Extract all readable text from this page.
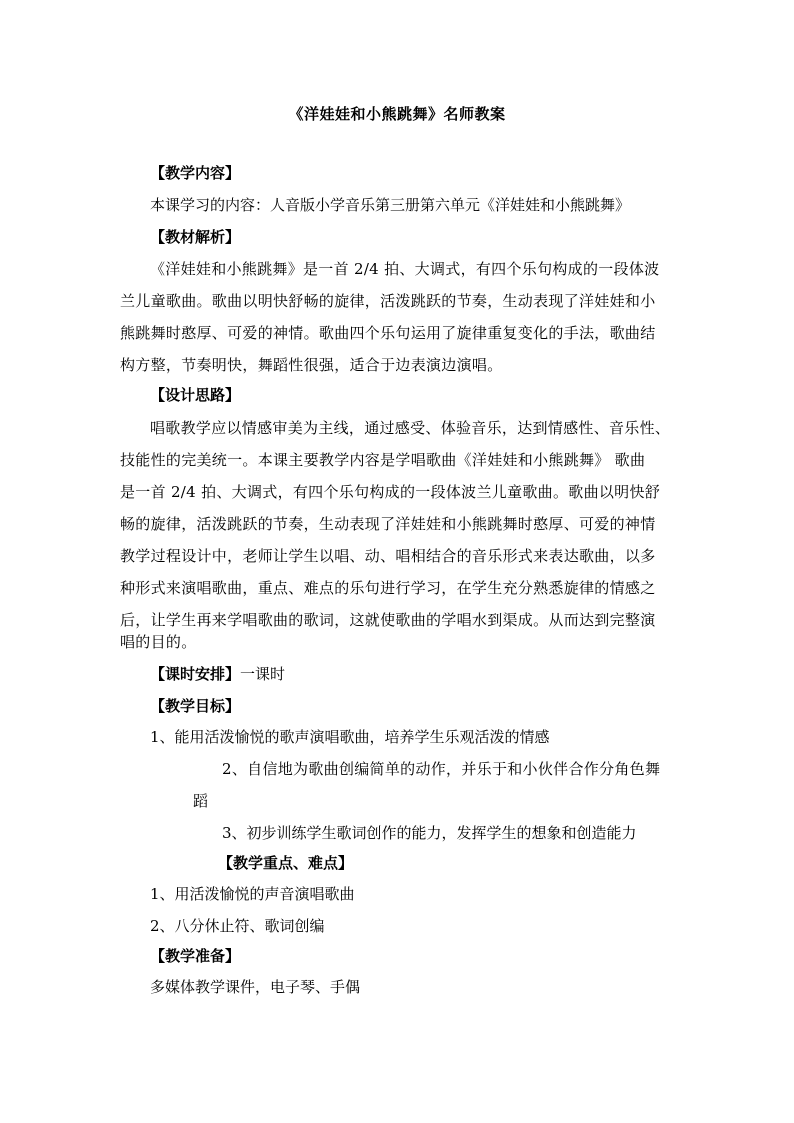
《洋娃娃和小熊跳舞》名师教案
【教学内容】
本课学习的内容：人音版小学音乐第三册第六单元《洋娃娃和小熊跳舞》
【教材解析】
《洋娃娃和小熊跳舞》是一首 2/4 拍、大调式，有四个乐句构成的一段体波
兰儿童歌曲。歌曲以明快舒畅的旋律，活泼跳跃的节奏，生动表现了洋娃娃和小
熊跳舞时憨厚、可爱的神情。歌曲四个乐句运用了旋律重复变化的手法，歌曲结
构方整，节奏明快，舞蹈性很强，适合于边表演边演唱。
【设计思路】
唱歌教学应以情感审美为主线，通过感受、体验音乐，达到情感性、音乐性、
技能性的完美统一。本课主要教学内容是学唱歌曲《洋娃娃和小熊跳舞》 歌曲
是一首 2/4 拍、大调式，有四个乐句构成的一段体波兰儿童歌曲。歌曲以明快舒
畅的旋律，活泼跳跃的节奏，生动表现了洋娃娃和小熊跳舞时憨厚、可爱的神情
教学过程设计中，老师让学生以唱、动、唱相结合的音乐形式来表达歌曲，以多
种形式来演唱歌曲，重点、难点的乐句进行学习，在学生充分熟悉旋律的情感之
后，让学生再来学唱歌曲的歌词，这就使歌曲的学唱水到渠成。从而达到完整演
唱的目的。
【课时安排】一课时
【教学目标】
1、能用活泼愉悦的歌声演唱歌曲，培养学生乐观活泼的情感
2、自信地为歌曲创编简单的动作，并乐于和小伙伴合作分角色舞
蹈
3、初步训练学生歌词创作的能力，发挥学生的想象和创造能力
【教学重点、难点】
1、用活泼愉悦的声音演唱歌曲
2、八分休止符、歌词创编
【教学准备】
多媒体教学课件，电子琴、手偶
